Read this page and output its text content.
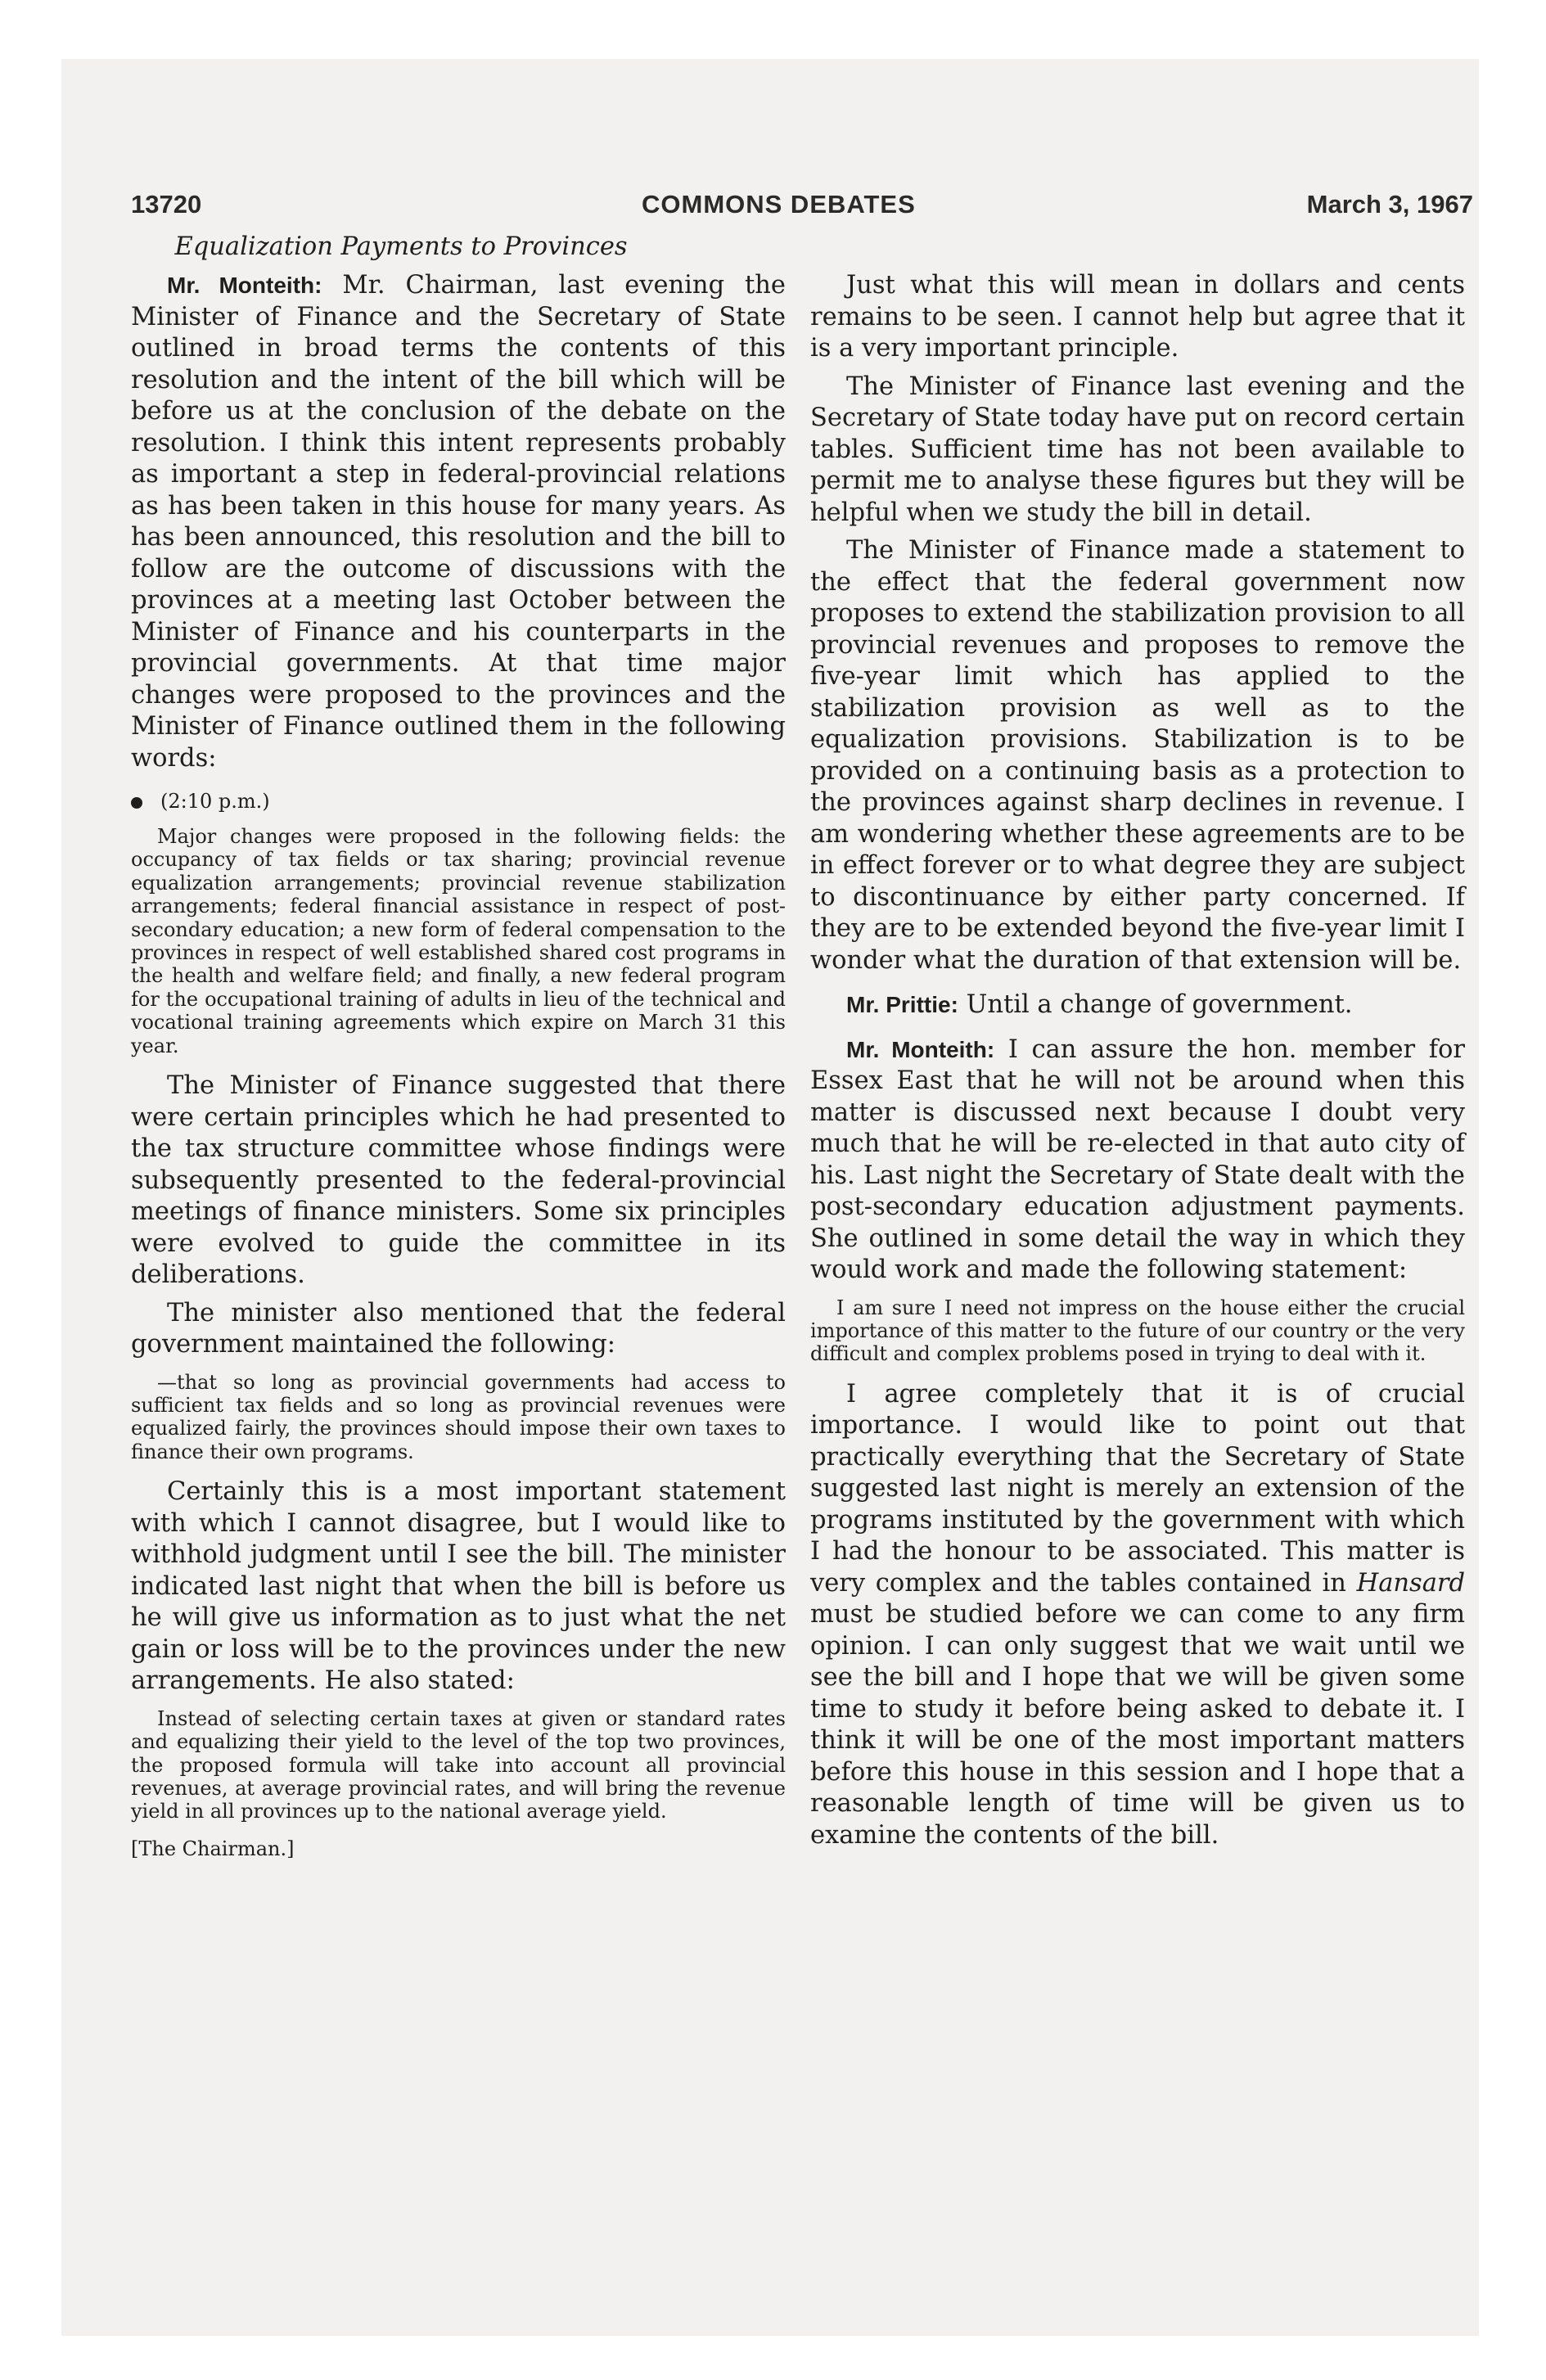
13720	COMMONS DEBATES	March 3, 1967
Equalization Payments to Provinces

Mr. Monteith: Mr. Chairman, last evening the Minister of Finance and the Secretary of State outlined in broad terms the contents of this resolution and the intent of the bill which will be before us at the conclusion of the debate on the resolution. I think this intent represents probably as important a step in federal-provincial relations as has been taken in this house for many years. As has been announced, this resolution and the bill to follow are the outcome of discussions with the provinces at a meeting last October between the Minister of Finance and his counterparts in the provincial governments. At that time major changes were proposed to the provinces and the Minister of Finance outlined them in the following words:

(2:10 p.m.)
Major changes were proposed in the following fields: the occupancy of tax fields or tax sharing; provincial revenue equalization arrangements; provincial revenue stabilization arrangements; federal financial assistance in respect of post-secondary education; a new form of federal compensation to the provinces in respect of well established shared cost programs in the health and welfare field; and finally, a new federal program for the occupational training of adults in lieu of the technical and vocational training agreements which expire on March 31 this year.

The Minister of Finance suggested that there were certain principles which he had presented to the tax structure committee whose findings were subsequently presented to the federal-provincial meetings of finance ministers. Some six principles were evolved to guide the committee in its deliberations.

The minister also mentioned that the federal government maintained the following:

—that so long as provincial governments had access to sufficient tax fields and so long as provincial revenues were equalized fairly, the provinces should impose their own taxes to finance their own programs.

Certainly this is a most important statement with which I cannot disagree, but I would like to withhold judgment until I see the bill. The minister indicated last night that when the bill is before us he will give us information as to just what the net gain or loss will be to the provinces under the new arrangements. He also stated:

Instead of selecting certain taxes at given or standard rates and equalizing their yield to the level of the top two provinces, the proposed formula will take into account all provincial revenues, at average provincial rates, and will bring the revenue yield in all provinces up to the national average yield.
[The Chairman.]

Just what this will mean in dollars and cents remains to be seen. I cannot help but agree that it is a very important principle.

The Minister of Finance last evening and the Secretary of State today have put on record certain tables. Sufficient time has not been available to permit me to analyse these figures but they will be helpful when we study the bill in detail.

The Minister of Finance made a statement to the effect that the federal government now proposes to extend the stabilization provision to all provincial revenues and proposes to remove the five-year limit which has applied to the stabilization provision as well as to the equalization provisions. Stabilization is to be provided on a continuing basis as a protection to the provinces against sharp declines in revenue. I am wondering whether these agreements are to be in effect forever or to what degree they are subject to discontinuance by either party concerned. If they are to be extended beyond the five-year limit I wonder what the duration of that extension will be.

Mr. Prittie: Until a change of government.

Mr. Monteith: I can assure the hon. member for Essex East that he will not be around when this matter is discussed next because I doubt very much that he will be re-elected in that auto city of his. Last night the Secretary of State dealt with the post-secondary education adjustment payments. She outlined in some detail the way in which they would work and made the following statement:

I am sure I need not impress on the house either the crucial importance of this matter to the future of our country or the very difficult and complex problems posed in trying to deal with it.

I agree completely that it is of crucial importance. I would like to point out that practically everything that the Secretary of State suggested last night is merely an extension of the programs instituted by the government with which I had the honour to be associated. This matter is very complex and the tables contained in Hansard must be studied before we can come to any firm opinion. I can only suggest that we wait until we see the bill and I hope that we will be given some time to study it before being asked to debate it. I think it will be one of the most important matters before this house in this session and I hope that a reasonable length of time will be given us to examine the contents of the bill.
